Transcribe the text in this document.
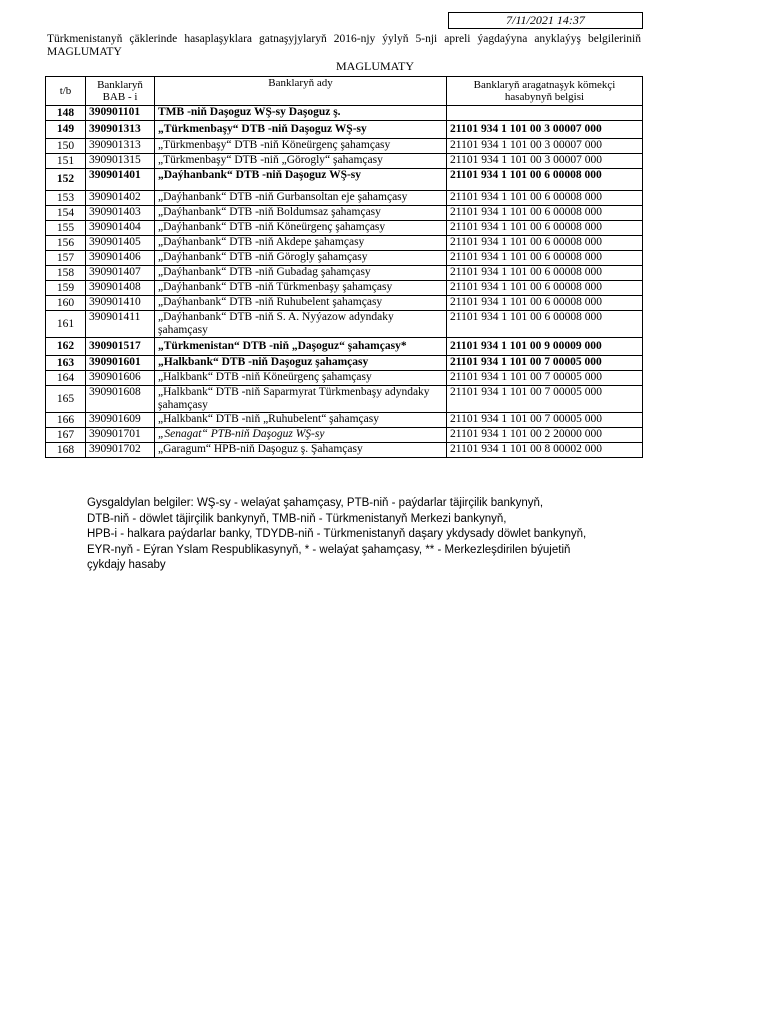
7/11/2021 14:37
Türkmenistanyň çäklerinde hasaplaşyklara gatnaşyjylaryň 2016-njy ýylyň 5-nji apreli ýagdaýyna anyklaýyş belgileriniň MAGLUMATY
MAGLUMATY
t/b	Banklaryň BAB - i	Banklaryň ady	Banklaryň aragatnaşyk kömekçi hasabynyň belgisi
148	390901101	TMB -niň Daşoguz WŞ-sy Daşoguz ş.	
149	390901313	„Türkmenbaşy“ DTB -niň Daşoguz WŞ-sy	21101 934 1 101 00 3 00007 000
150	390901313	„Türkmenbaşy“ DTB -niň Köneürgenç şahamçasy	21101 934 1 101 00 3 00007 000
151	390901315	„Türkmenbaşy“ DTB -niň „Görogly“ şahamçasy	21101 934 1 101 00 3 00007 000
152	390901401	„Daýhanbank“ DTB -niň Daşoguz WŞ-sy	21101 934 1 101 00 6 00008 000
153	390901402	„Daýhanbank“ DTB -niň Gurbansoltan eje şahamçasy	21101 934 1 101 00 6 00008 000
154	390901403	„Daýhanbank“ DTB -niň Boldumsaz şahamçasy	21101 934 1 101 00 6 00008 000
155	390901404	„Daýhanbank“ DTB -niň Köneürgenç şahamçasy	21101 934 1 101 00 6 00008 000
156	390901405	„Daýhanbank“ DTB -niň Akdepe şahamçasy	21101 934 1 101 00 6 00008 000
157	390901406	„Daýhanbank“ DTB -niň Görogly şahamçasy	21101 934 1 101 00 6 00008 000
158	390901407	„Daýhanbank“ DTB -niň Gubadag şahamçasy	21101 934 1 101 00 6 00008 000
159	390901408	„Daýhanbank“ DTB -niň Türkmenbaşy şahamçasy	21101 934 1 101 00 6 00008 000
160	390901410	„Daýhanbank“ DTB -niň Ruhubelent şahamçasy	21101 934 1 101 00 6 00008 000
161	390901411	„Daýhanbank“ DTB -niň S. A. Nyýazow adyndaky şahamçasy	21101 934 1 101 00 6 00008 000
162	390901517	„Türkmenistan“ DTB -niň „Daşoguz“ şahamçasy*	21101 934 1 101 00 9 00009 000
163	390901601	„Halkbank“ DTB -niň Daşoguz şahamçasy	21101 934 1 101 00 7 00005 000
164	390901606	„Halkbank“ DTB -niň Köneürgenç şahamçasy	21101 934 1 101 00 7 00005 000
165	390901608	„Halkbank“ DTB -niň Saparmyrat Türkmenbaşy adyndaky şahamçasy	21101 934 1 101 00 7 00005 000
166	390901609	„Halkbank“ DTB -niň „Ruhubelent“ şahamçasy	21101 934 1 101 00 7 00005 000
167	390901701	„Senagat“ PTB-niň Daşoguz WŞ-sy	21101 934 1 101 00 2 20000 000
168	390901702	„Garagum“ HPB-niň Daşoguz ş. Şahamçasy	21101 934 1 101 00 8 00002 000
Gysgaldylan belgiler: WŞ-sy - welaýat şahamçasy, PTB-niň - paýdarlar täjirçilik bankynyň,
DTB-niň - döwlet täjirçilik bankynyň, TMB-niň - Türkmenistanyň Merkezi bankynyň,
HPB-i - halkara paýdarlar banky, TDYDB-niň - Türkmenistanyň daşary ykdysady döwlet bankynyň,
EYR-nyň - Eýran Yslam Respublikasynyň, * - welaýat şahamçasy, ** - Merkezleşdirilen býujetiň
çykdajy hasaby
